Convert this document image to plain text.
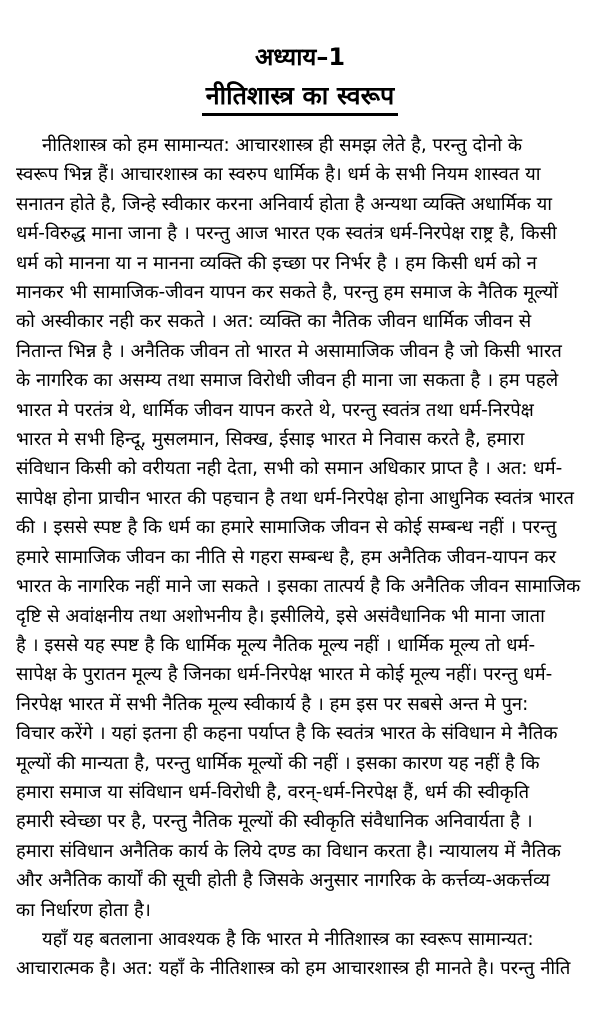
अध्याय–1
नीतिशास्त्र का स्वरूप

नीतिशास्त्र को हम सामान्यत: आचारशास्त्र ही समझ लेते है, परन्तु दोनो के
स्वरूप भिन्न हैं। आचारशास्त्र का स्वरुप धार्मिक है। धर्म के सभी नियम शास्वत या
सनातन होते है, जिन्हे स्वीकार करना अनिवार्य होता है अन्यथा व्यक्ति अधार्मिक या
धर्म-विरुद्ध माना जाना है । परन्तु आज भारत एक स्वतंत्र धर्म-निरपेक्ष राष्ट्र है, किसी
धर्म को मानना या न मानना व्यक्ति की इच्छा पर निर्भर है । हम किसी धर्म को न
मानकर भी सामाजिक-जीवन यापन कर सकते है, परन्तु हम समाज के नैतिक मूल्यों
को अस्वीकार नही कर सकते । अत: व्यक्ति का नैतिक जीवन धार्मिक जीवन से
नितान्त भिन्न है । अनैतिक जीवन तो भारत मे असामाजिक जीवन है जो किसी भारत
के नागरिक का असम्य तथा समाज विरोधी जीवन ही माना जा सकता है । हम पहले
भारत मे परतंत्र थे, धार्मिक जीवन यापन करते थे, परन्तु स्वतंत्र तथा धर्म-निरपेक्ष
भारत मे सभी हिन्दू, मुसलमान, सिक्ख, ईसाइ भारत मे निवास करते है, हमारा
संविधान किसी को वरीयता नही देता, सभी को समान अधिकार प्राप्त है । अत: धर्म-
सापेक्ष होना प्राचीन भारत की पहचान है तथा धर्म-निरपेक्ष होना आधुनिक स्वतंत्र भारत
की । इससे स्पष्ट है कि धर्म का हमारे सामाजिक जीवन से कोई सम्बन्ध नहीं । परन्तु
हमारे सामाजिक जीवन का नीति से गहरा सम्बन्ध है, हम अनैतिक जीवन-यापन कर
भारत के नागरिक नहीं माने जा सकते । इसका तात्पर्य है कि अनैतिक जीवन सामाजिक
दृष्टि से अवांक्षनीय तथा अशोभनीय है। इसीलिये, इसे असंवैधानिक भी माना जाता
है । इससे यह स्पष्ट है कि धार्मिक मूल्य नैतिक मूल्य नहीं । धार्मिक मूल्य तो धर्म-
सापेक्ष के पुरातन मूल्य है जिनका धर्म-निरपेक्ष भारत मे कोई मूल्य नहीं। परन्तु धर्म-
निरपेक्ष भारत में सभी नैतिक मूल्य स्वीकार्य है । हम इस पर सबसे अन्त मे पुन:
विचार करेंगे । यहां इतना ही कहना पर्याप्त है कि स्वतंत्र भारत के संविधान मे नैतिक
मूल्यों की मान्यता है, परन्तु धार्मिक मूल्यों की नहीं । इसका कारण यह नहीं है कि
हमारा समाज या संविधान धर्म-विरोधी है, वरन्-धर्म-निरपेक्ष हैं, धर्म की स्वीकृति
हमारी स्वेच्छा पर है, परन्तु नैतिक मूल्यों की स्वीकृति संवैधानिक अनिवार्यता है ।
हमारा संविधान अनैतिक कार्य के लिये दण्ड का विधान करता है। न्यायालय में नैतिक
और अनैतिक कार्यों की सूची होती है जिसके अनुसार नागरिक के कर्त्तव्य-अकर्त्तव्य
का निर्धारण होता है।

यहाँ यह बतलाना आवश्यक है कि भारत मे नीतिशास्त्र का स्वरूप सामान्यत:
आचारात्मक है। अत: यहाँ के नीतिशास्त्र को हम आचारशास्त्र ही मानते है। परन्तु नीति
